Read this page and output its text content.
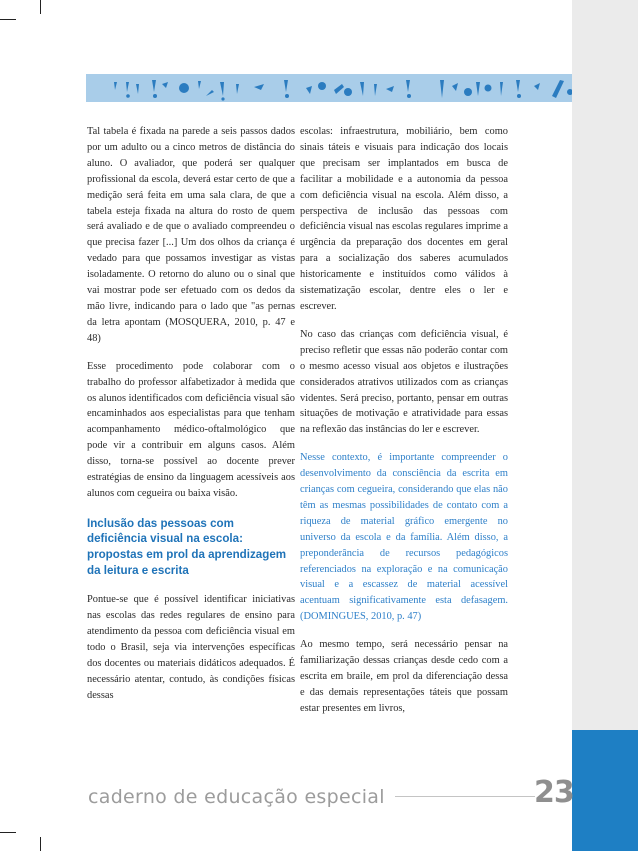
Tal tabela é fixada na parede a seis passos dados por um adulto ou a cinco metros de distância do aluno. O avaliador, que poderá ser qualquer profissional da escola, deverá estar certo de que a medição será feita em uma sala clara, de que a tabela esteja fixada na altura do rosto de quem será avaliado e de que o avaliado compreendeu o que precisa fazer [...] Um dos olhos da criança é vedado para que possamos investigar as vistas isoladamente. O retorno do aluno ou o sinal que vai mostrar pode ser efetuado com os dedos da mão livre, indicando para o lado que "as pernas da letra apontam (MOSQUERA, 2010, p. 47 e 48)

Esse procedimento pode colaborar com o trabalho do professor alfabetizador à medida que os alunos identificados com deficiência visual são encaminhados aos especialistas para que tenham acompanhamento médico-oftalmológico que pode vir a contribuir em alguns casos. Além disso, torna-se possível ao docente prever estratégias de ensino da linguagem acessíveis aos alunos com cegueira ou baixa visão.

Inclusão das pessoas com deficiência visual na escola: propostas em prol da aprendizagem da leitura e escrita

Pontue-se que é possível identificar iniciativas nas escolas das redes regulares de ensino para atendimento da pessoa com deficiência visual em todo o Brasil, seja via intervenções específicas dos docentes ou materiais didáticos adequados. É necessário atentar, contudo, às condições físicas dessas

escolas: infraestrutura, mobiliário, bem como sinais táteis e visuais para indicação dos locais que precisam ser implantados em busca de facilitar a mobilidade e a autonomia da pessoa com deficiência visual na escola. Além disso, a perspectiva de inclusão das pessoas com deficiência visual nas escolas regulares imprime a urgência da preparação dos docentes em geral para a socialização dos saberes acumulados historicamente e instituídos como válidos à sistematização escolar, dentre eles o ler e escrever.

No caso das crianças com deficiência visual, é preciso refletir que essas não poderão contar com o mesmo acesso visual aos objetos e ilustrações considerados atrativos utilizados com as crianças videntes. Será preciso, portanto, pensar em outras situações de motivação e atratividade para essas na reflexão das instâncias do ler e escrever.

Nesse contexto, é importante compreender o desenvolvimento da consciência da escrita em crianças com cegueira, considerando que elas não têm as mesmas possibilidades de contato com a riqueza de material gráfico emergente no universo da escola e da família. Além disso, a preponderância de recursos pedagógicos referenciados na exploração e na comunicação visual e a escassez de material acessível acentuam significativamente esta defasagem. (DOMINGUES, 2010, p. 47)

Ao mesmo tempo, será necessário pensar na familiarização dessas crianças desde cedo com a escrita em braile, em prol da diferenciação dessa e das demais representações táteis que possam estar presentes em livros,

caderno de educação especial	23
